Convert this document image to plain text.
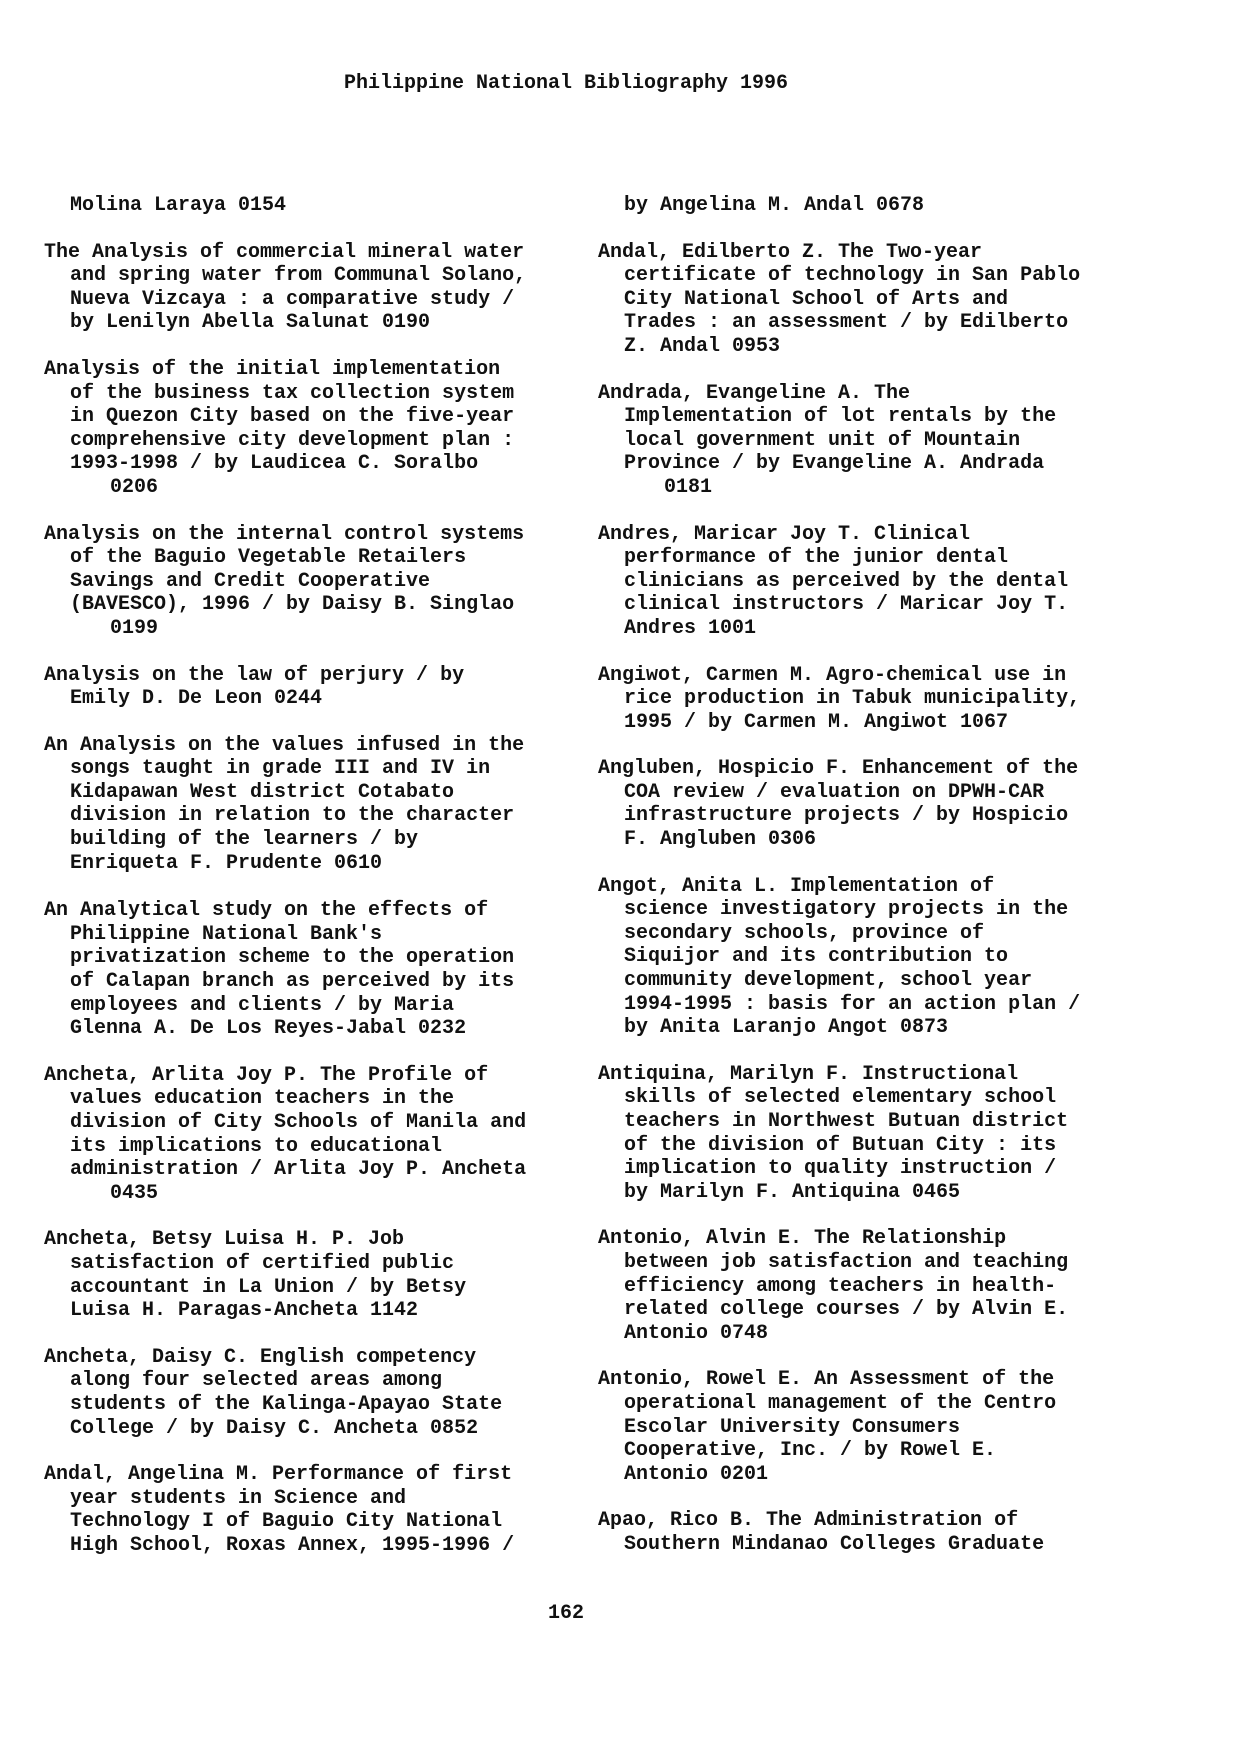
Philippine National Bibliography 1996
Molina Laraya 0154
The Analysis of commercial mineral water
and spring water from Communal Solano,
Nueva Vizcaya : a comparative study /
by Lenilyn Abella Salunat 0190
Analysis of the initial implementation
of the business tax collection system
in Quezon City based on the five-year
comprehensive city development plan :
1993-1998 / by Laudicea C. Soralbo
0206
Analysis on the internal control systems
of the Baguio Vegetable Retailers
Savings and Credit Cooperative
(BAVESCO), 1996 / by Daisy B. Singlao
0199
Analysis on the law of perjury / by
Emily D. De Leon 0244
An Analysis on the values infused in the
songs taught in grade III and IV in
Kidapawan West district Cotabato
division in relation to the character
building of the learners / by
Enriqueta F. Prudente 0610
An Analytical study on the effects of
Philippine National Bank's
privatization scheme to the operation
of Calapan branch as perceived by its
employees and clients / by Maria
Glenna A. De Los Reyes-Jabal 0232
Ancheta, Arlita Joy P. The Profile of
values education teachers in the
division of City Schools of Manila and
its implications to educational
administration / Arlita Joy P. Ancheta
0435
Ancheta, Betsy Luisa H. P. Job
satisfaction of certified public
accountant in La Union / by Betsy
Luisa H. Paragas-Ancheta 1142
Ancheta, Daisy C. English competency
along four selected areas among
students of the Kalinga-Apayao State
College / by Daisy C. Ancheta 0852
Andal, Angelina M. Performance of first
year students in Science and
Technology I of Baguio City National
High School, Roxas Annex, 1995-1996 /
by Angelina M. Andal 0678
Andal, Edilberto Z. The Two-year
certificate of technology in San Pablo
City National School of Arts and
Trades : an assessment / by Edilberto
Z. Andal 0953
Andrada, Evangeline A. The
Implementation of lot rentals by the
local government unit of Mountain
Province / by Evangeline A. Andrada
0181
Andres, Maricar Joy T. Clinical
performance of the junior dental
clinicians as perceived by the dental
clinical instructors / Maricar Joy T.
Andres 1001
Angiwot, Carmen M. Agro-chemical use in
rice production in Tabuk municipality,
1995 / by Carmen M. Angiwot 1067
Angluben, Hospicio F. Enhancement of the
COA review / evaluation on DPWH-CAR
infrastructure projects / by Hospicio
F. Angluben 0306
Angot, Anita L. Implementation of
science investigatory projects in the
secondary schools, province of
Siquijor and its contribution to
community development, school year
1994-1995 : basis for an action plan /
by Anita Laranjo Angot 0873
Antiquina, Marilyn F. Instructional
skills of selected elementary school
teachers in Northwest Butuan district
of the division of Butuan City : its
implication to quality instruction /
by Marilyn F. Antiquina 0465
Antonio, Alvin E. The Relationship
between job satisfaction and teaching
efficiency among teachers in health-
related college courses / by Alvin E.
Antonio 0748
Antonio, Rowel E. An Assessment of the
operational management of the Centro
Escolar University Consumers
Cooperative, Inc. / by Rowel E.
Antonio 0201
Apao, Rico B. The Administration of
Southern Mindanao Colleges Graduate
162
